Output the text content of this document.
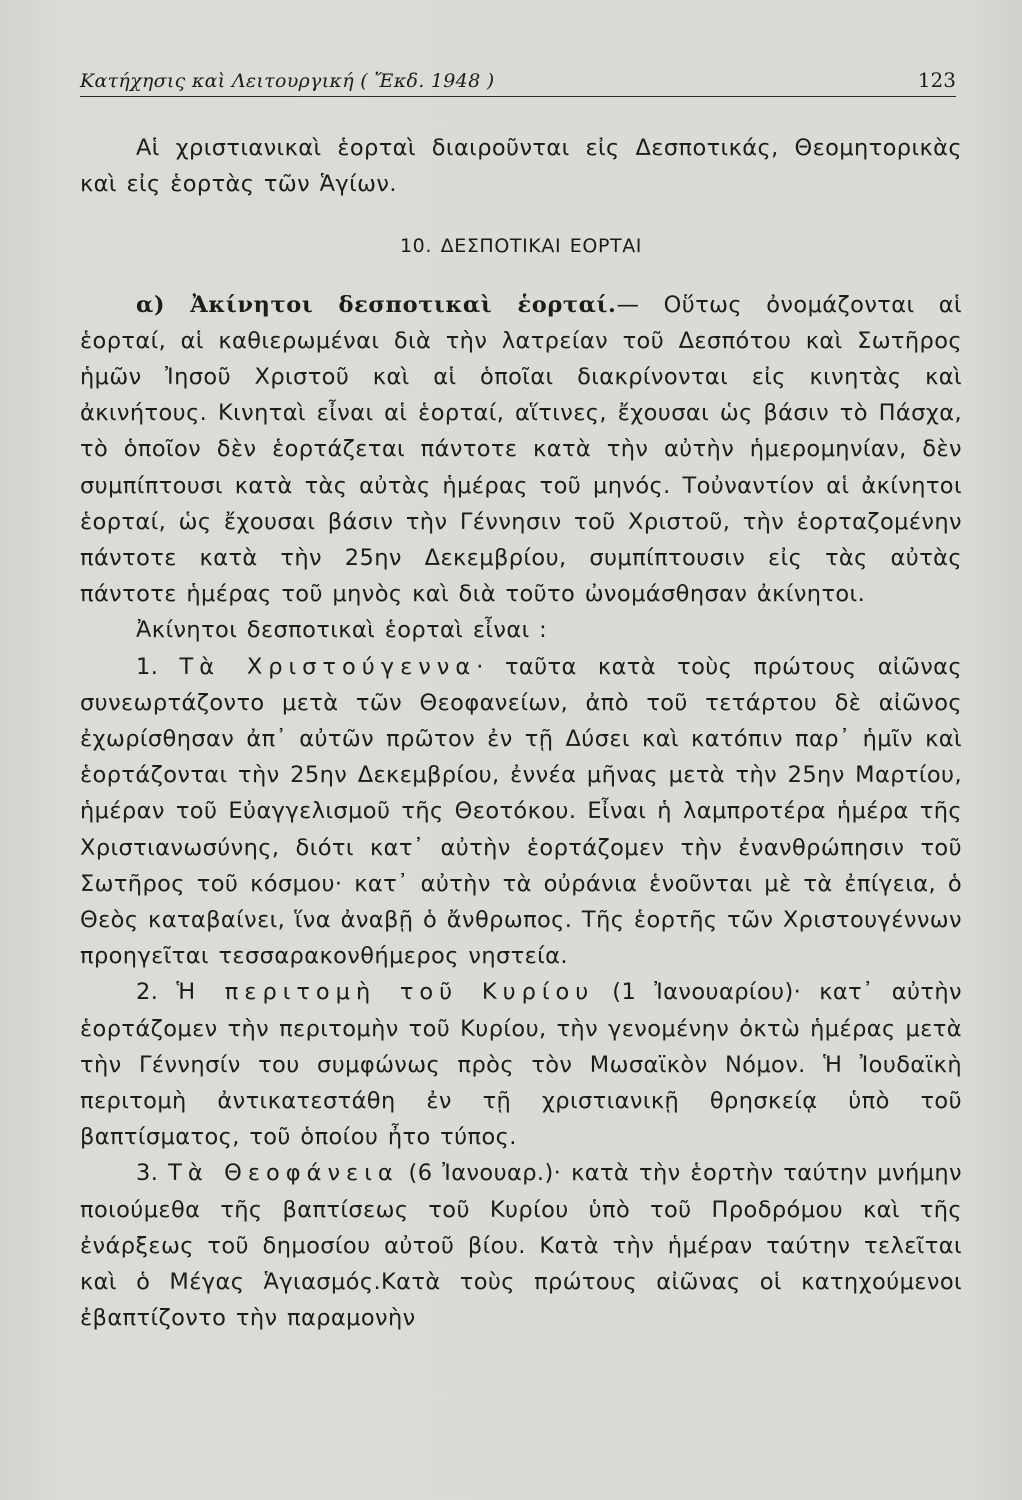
Κατήχησις καὶ Λειτουργική ( Ἔκδ. 1948 )	123

Αἱ χριστιανικαὶ ἑορταὶ διαιροῦνται εἰς Δεσποτικάς, Θεομητορικὰς καὶ εἰς ἑορτὰς τῶν Ἁγίων.

10. ΔΕΣΠΟΤΙΚΑΙ ΕΟΡΤΑΙ

α) Ἀκίνητοι δεσποτικαὶ ἑορταί.— Οὕτως ὀνομάζονται αἱ ἑορταί, αἱ καθιερωμέναι διὰ τὴν λατρείαν τοῦ Δεσπότου καὶ Σωτῆρος ἡμῶν Ἰησοῦ Χριστοῦ καὶ αἱ ὁποῖαι διακρίνονται εἰς κινητὰς καὶ ἀκινήτους. Κινηταὶ εἶναι αἱ ἑορταί, αἵτινες, ἔχουσαι ὡς βάσιν τὸ Πάσχα, τὸ ὁποῖον δὲν ἑορτάζεται πάντοτε κατὰ τὴν αὐτὴν ἡμερομηνίαν, δὲν συμπίπτουσι κατὰ τὰς αὐτὰς ἡμέρας τοῦ μηνός. Τοὐναντίον αἱ ἀκίνητοι ἑορταί, ὡς ἔχουσαι βάσιν τὴν Γέννησιν τοῦ Χριστοῦ, τὴν ἑορταζομένην πάντοτε κατὰ τὴν 25ην Δεκεμβρίου, συμπίπτουσιν εἰς τὰς αὐτὰς πάντοτε ἡμέρας τοῦ μηνὸς καὶ διὰ τοῦτο ὠνομάσθησαν ἀκίνητοι.

Ἀκίνητοι δεσποτικαὶ ἑορταὶ εἶναι :

1. Τὰ Χριστούγεννα· ταῦτα κατὰ τοὺς πρώτους αἰῶνας συνεωρτάζοντο μετὰ τῶν Θεοφανείων, ἀπὸ τοῦ τετάρτου δὲ αἰῶνος ἐχωρίσθησαν ἀπ᾿ αὐτῶν πρῶτον ἐν τῇ Δύσει καὶ κατόπιν παρ᾿ ἡμῖν καὶ ἑορτάζονται τὴν 25ην Δεκεμβρίου, ἐννέα μῆνας μετὰ τὴν 25ην Μαρτίου, ἡμέραν τοῦ Εὐαγγελισμοῦ τῆς Θεοτόκου. Εἶναι ἡ λαμπροτέρα ἡμέρα τῆς Χριστιανωσύνης, διότι κατ᾿ αὐτὴν ἑορτάζομεν τὴν ἐνανθρώπησιν τοῦ Σωτῆρος τοῦ κόσμου· κατ᾿ αὐτὴν τὰ οὐράνια ἑνοῦνται μὲ τὰ ἐπίγεια, ὁ Θεὸς καταβαίνει, ἵνα ἀναβῇ ὁ ἄνθρωπος. Τῆς ἑορτῆς τῶν Χριστουγέννων προηγεῖται τεσσαρακονθήμερος νηστεία.

2. Ἡ περιτομὴ τοῦ Κυρίου (1 Ἰανουαρίου)· κατ᾿ αὐτὴν ἑορτάζομεν τὴν περιτομὴν τοῦ Κυρίου, τὴν γενομένην ὀκτὼ ἡμέρας μετὰ τὴν Γέννησίν του συμφώνως πρὸς τὸν Μωσαϊκὸν Νόμον. Ἡ Ἰουδαϊκὴ περιτομὴ ἀντικατεστάθη ἐν τῇ χριστιανικῇ θρησκείᾳ ὑπὸ τοῦ βαπτίσματος, τοῦ ὁποίου ἦτο τύπος.

3. Τὰ Θεοφάνεια (6 Ἰανουαρ.)· κατὰ τὴν ἑορτὴν ταύτην μνήμην ποιούμεθα τῆς βαπτίσεως τοῦ Κυρίου ὑπὸ τοῦ Προδρόμου καὶ τῆς ἐνάρξεως τοῦ δημοσίου αὐτοῦ βίου. Κατὰ τὴν ἡμέραν ταύτην τελεῖται καὶ ὁ Μέγας Ἁγιασμός.Κατὰ τοὺς πρώτους αἰῶνας οἱ κατηχούμενοι ἐβαπτίζοντο τὴν παραμονὴν
